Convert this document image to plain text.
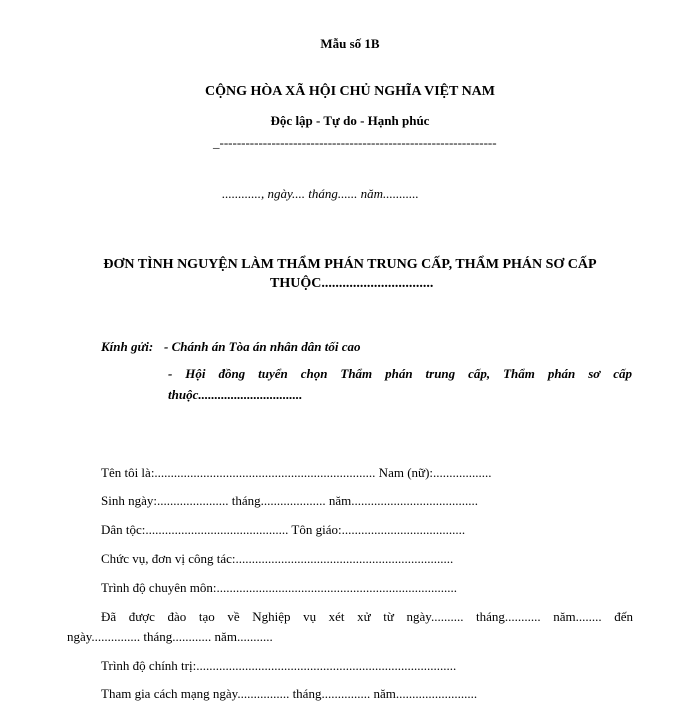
Mẫu số 1B
CỘNG HÒA XÃ HỘI CHỦ NGHĨA VIỆT NAM
Độc lập - Tự do - Hạnh phúc
_----------------------------------------------------------------
............, ngày.... tháng...... năm...........
ĐƠN TÌNH NGUYỆN LÀM THẨM PHÁN TRUNG CẤP, THẨM PHÁN SƠ CẤP
THUỘC................................
Kính gửi: - Chánh án Tòa án nhân dân tối cao
- Hội đồng tuyển chọn Thẩm phán trung cấp, Thẩm phán sơ cấp
thuộc................................
Tên tôi là:.................................................................... Nam (nữ):..................
Sinh ngày:...................... tháng.................... năm.......................................
Dân tộc:............................................ Tôn giáo:......................................
Chức vụ, đơn vị công tác:...................................................................
Trình độ chuyên môn:..........................................................................
Đã được đào tạo về Nghiệp vụ xét xử từ ngày.......... tháng........... năm........ đến
ngày............... tháng............ năm...........
Trình độ chính trị:................................................................................
Tham gia cách mạng ngày................ tháng............... năm.........................
